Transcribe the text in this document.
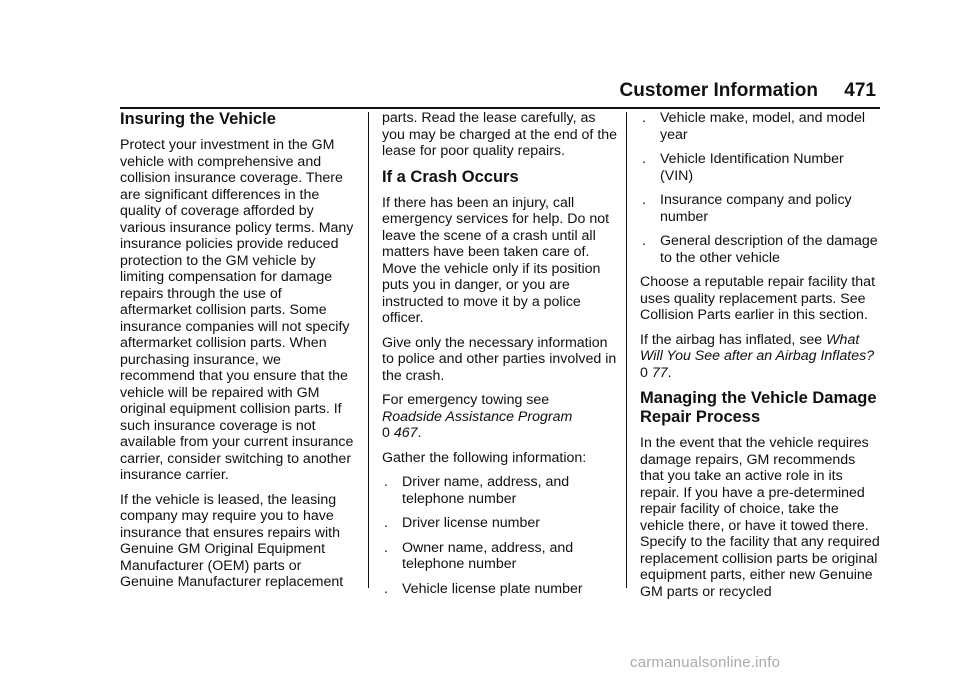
Customer Information	471
Insuring the Vehicle

Protect your investment in the GM vehicle with comprehensive and collision insurance coverage. There are significant differences in the quality of coverage afforded by various insurance policy terms. Many insurance policies provide reduced protection to the GM vehicle by limiting compensation for damage repairs through the use of aftermarket collision parts. Some insurance companies will not specify aftermarket collision parts. When purchasing insurance, we recommend that you ensure that the vehicle will be repaired with GM original equipment collision parts. If such insurance coverage is not available from your current insurance carrier, consider switching to another insurance carrier.

If the vehicle is leased, the leasing company may require you to have insurance that ensures repairs with Genuine GM Original Equipment Manufacturer (OEM) parts or Genuine Manufacturer replacement

parts. Read the lease carefully, as you may be charged at the end of the lease for poor quality repairs.

If a Crash Occurs

If there has been an injury, call emergency services for help. Do not leave the scene of a crash until all matters have been taken care of. Move the vehicle only if its position puts you in danger, or you are instructed to move it by a police officer.

Give only the necessary information to police and other parties involved in the crash.

For emergency towing see
Roadside Assistance Program
0 467.

Gather the following information:

. Driver name, address, and telephone number
. Driver license number
. Owner name, address, and telephone number
. Vehicle license plate number
. Vehicle make, model, and model year
. Vehicle Identification Number (VIN)
. Insurance company and policy number
. General description of the damage to the other vehicle

Choose a reputable repair facility that uses quality replacement parts. See Collision Parts earlier in this section.

If the airbag has inflated, see What Will You See after an Airbag Inflates? 0 77.

Managing the Vehicle Damage Repair Process

In the event that the vehicle requires damage repairs, GM recommends that you take an active role in its repair. If you have a pre-determined repair facility of choice, take the vehicle there, or have it towed there. Specify to the facility that any required replacement collision parts be original equipment parts, either new Genuine GM parts or recycled

carmanualsonline.info
